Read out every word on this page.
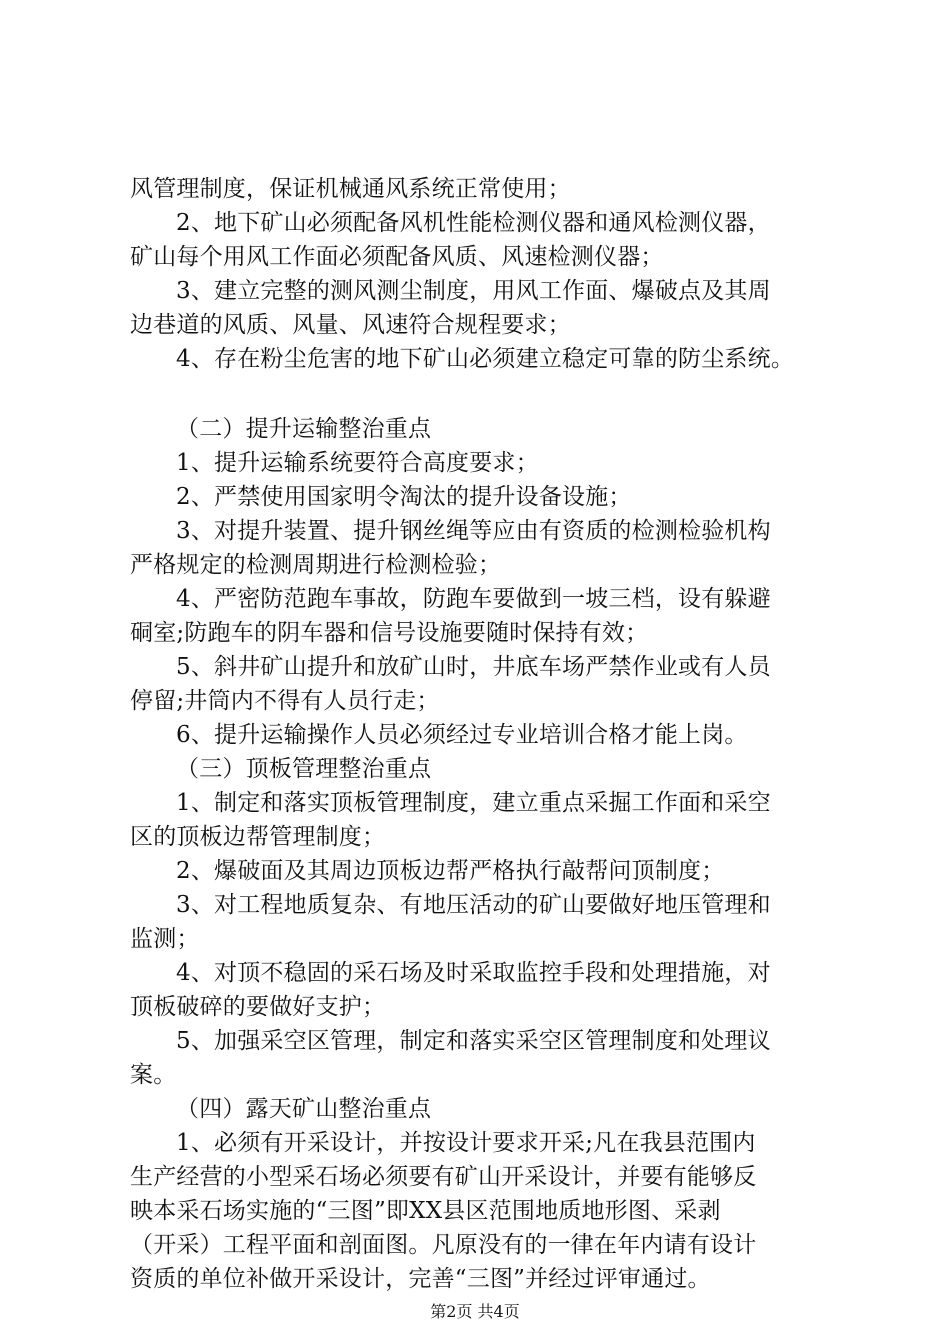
风管理制度，保证机械通风系统正常使用；
2、地下矿山必须配备风机性能检测仪器和通风检测仪器，
矿山每个用风工作面必须配备风质、风速检测仪器；
3、建立完整的测风测尘制度，用风工作面、爆破点及其周
边巷道的风质、风量、风速符合规程要求；
4、存在粉尘危害的地下矿山必须建立稳定可靠的防尘系统。
（二）提升运输整治重点
1、提升运输系统要符合高度要求；
2、严禁使用国家明令淘汰的提升设备设施；
3、对提升装置、提升钢丝绳等应由有资质的检测检验机构
严格规定的检测周期进行检测检验；
4、严密防范跑车事故，防跑车要做到一坡三档，设有躲避
硐室;防跑车的阴车器和信号设施要随时保持有效；
5、斜井矿山提升和放矿山时，井底车场严禁作业或有人员
停留;井筒内不得有人员行走；
6、提升运输操作人员必须经过专业培训合格才能上岗。
（三）顶板管理整治重点
1、制定和落实顶板管理制度，建立重点采掘工作面和采空
区的顶板边帮管理制度；
2、爆破面及其周边顶板边帮严格执行敲帮问顶制度；
3、对工程地质复杂、有地压活动的矿山要做好地压管理和
监测；
4、对顶不稳固的采石场及时采取监控手段和处理措施，对
顶板破碎的要做好支护；
5、加强采空区管理，制定和落实采空区管理制度和处理议
案。
（四）露天矿山整治重点
1、必须有开采设计，并按设计要求开采;凡在我县范围内
生产经营的小型采石场必须要有矿山开采设计，并要有能够反
映本采石场实施的“三图”即XX县区范围地质地形图、采剥
（开采）工程平面和剖面图。凡原没有的一律在年内请有设计
资质的单位补做开采设计，完善“三图”并经过评审通过。
第2页 共4页
